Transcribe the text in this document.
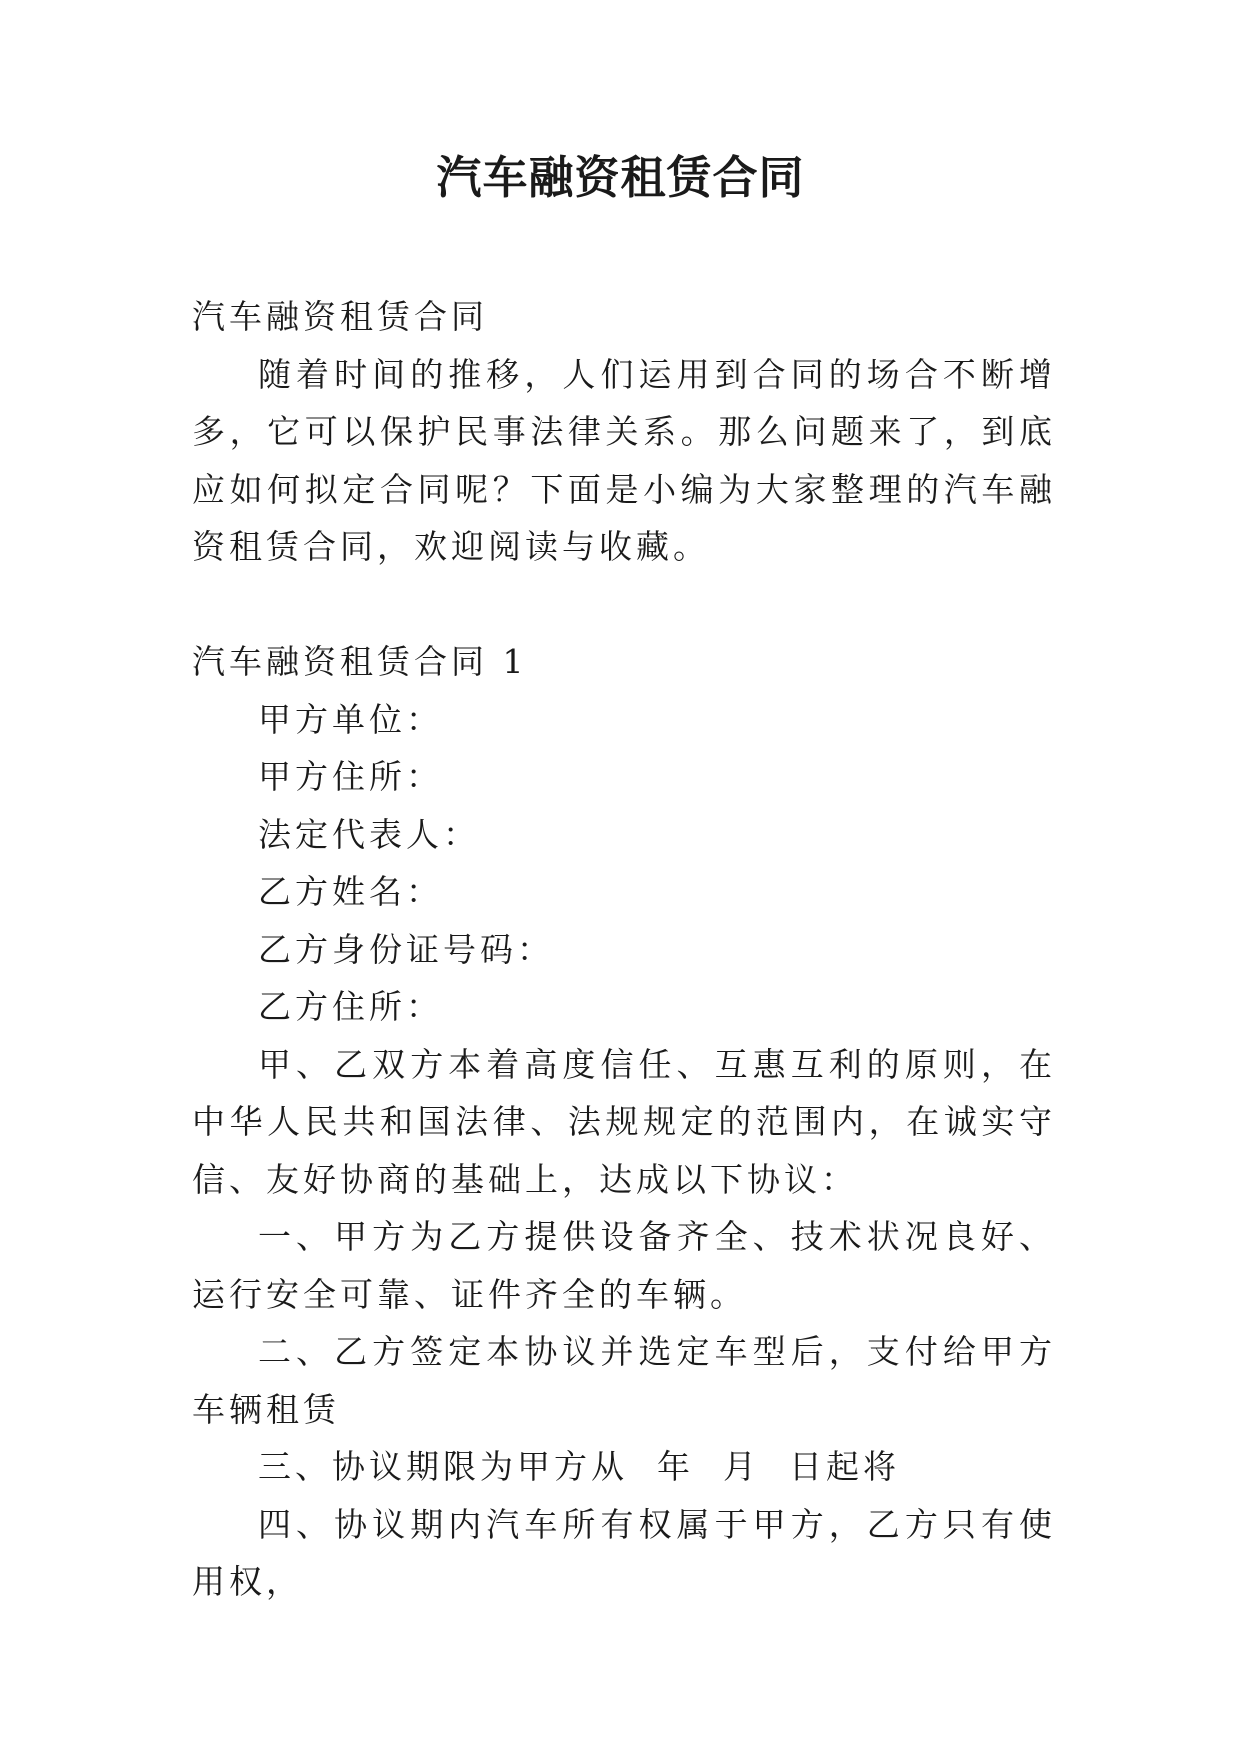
汽车融资租赁合同

汽车融资租赁合同

随着时间的推移，人们运用到合同的场合不断增多，它可以保护民事法律关系。那么问题来了，到底应如何拟定合同呢？下面是小编为大家整理的汽车融资租赁合同，欢迎阅读与收藏。

汽车融资租赁合同 1

甲方单位：

甲方住所：

法定代表人：

乙方姓名：

乙方身份证号码：

乙方住所：

甲、乙双方本着高度信任、互惠互利的原则，在中华人民共和国法律、法规规定的范围内，在诚实守信、友好协商的基础上，达成以下协议：

一、甲方为乙方提供设备齐全、技术状况良好、运行安全可靠、证件齐全的车辆。

二、乙方签定本协议并选定车型后，支付给甲方车辆租赁

三、协议期限为甲方从  年  月  日起将

四、协议期内汽车所有权属于甲方，乙方只有使用权，
